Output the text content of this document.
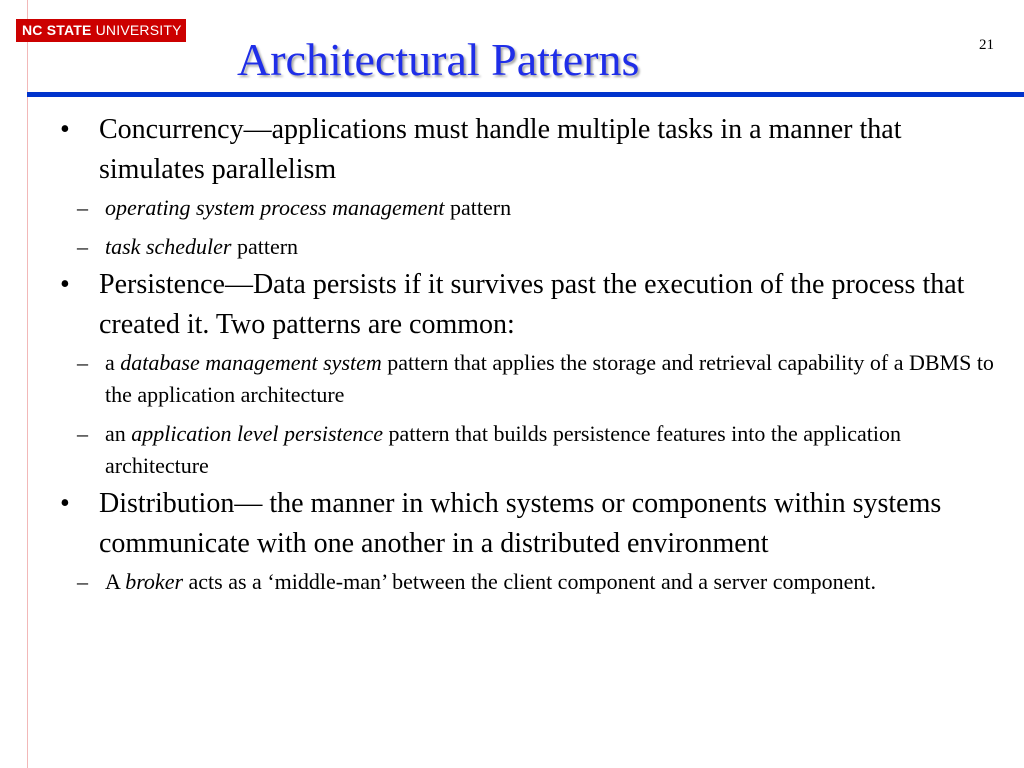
NC STATE UNIVERSITY
Architectural Patterns	21
• Concurrency—applications must handle multiple tasks in a manner that simulates parallelism
– operating system process management pattern
– task scheduler pattern
• Persistence—Data persists if it survives past the execution of the process that created it. Two patterns are common:
– a database management system pattern that applies the storage and retrieval capability of a DBMS to the application architecture
– an application level persistence pattern that builds persistence features into the application architecture
• Distribution— the manner in which systems or components within systems communicate with one another in a distributed environment
– A broker acts as a ‘middle-man’ between the client component and a server component.
